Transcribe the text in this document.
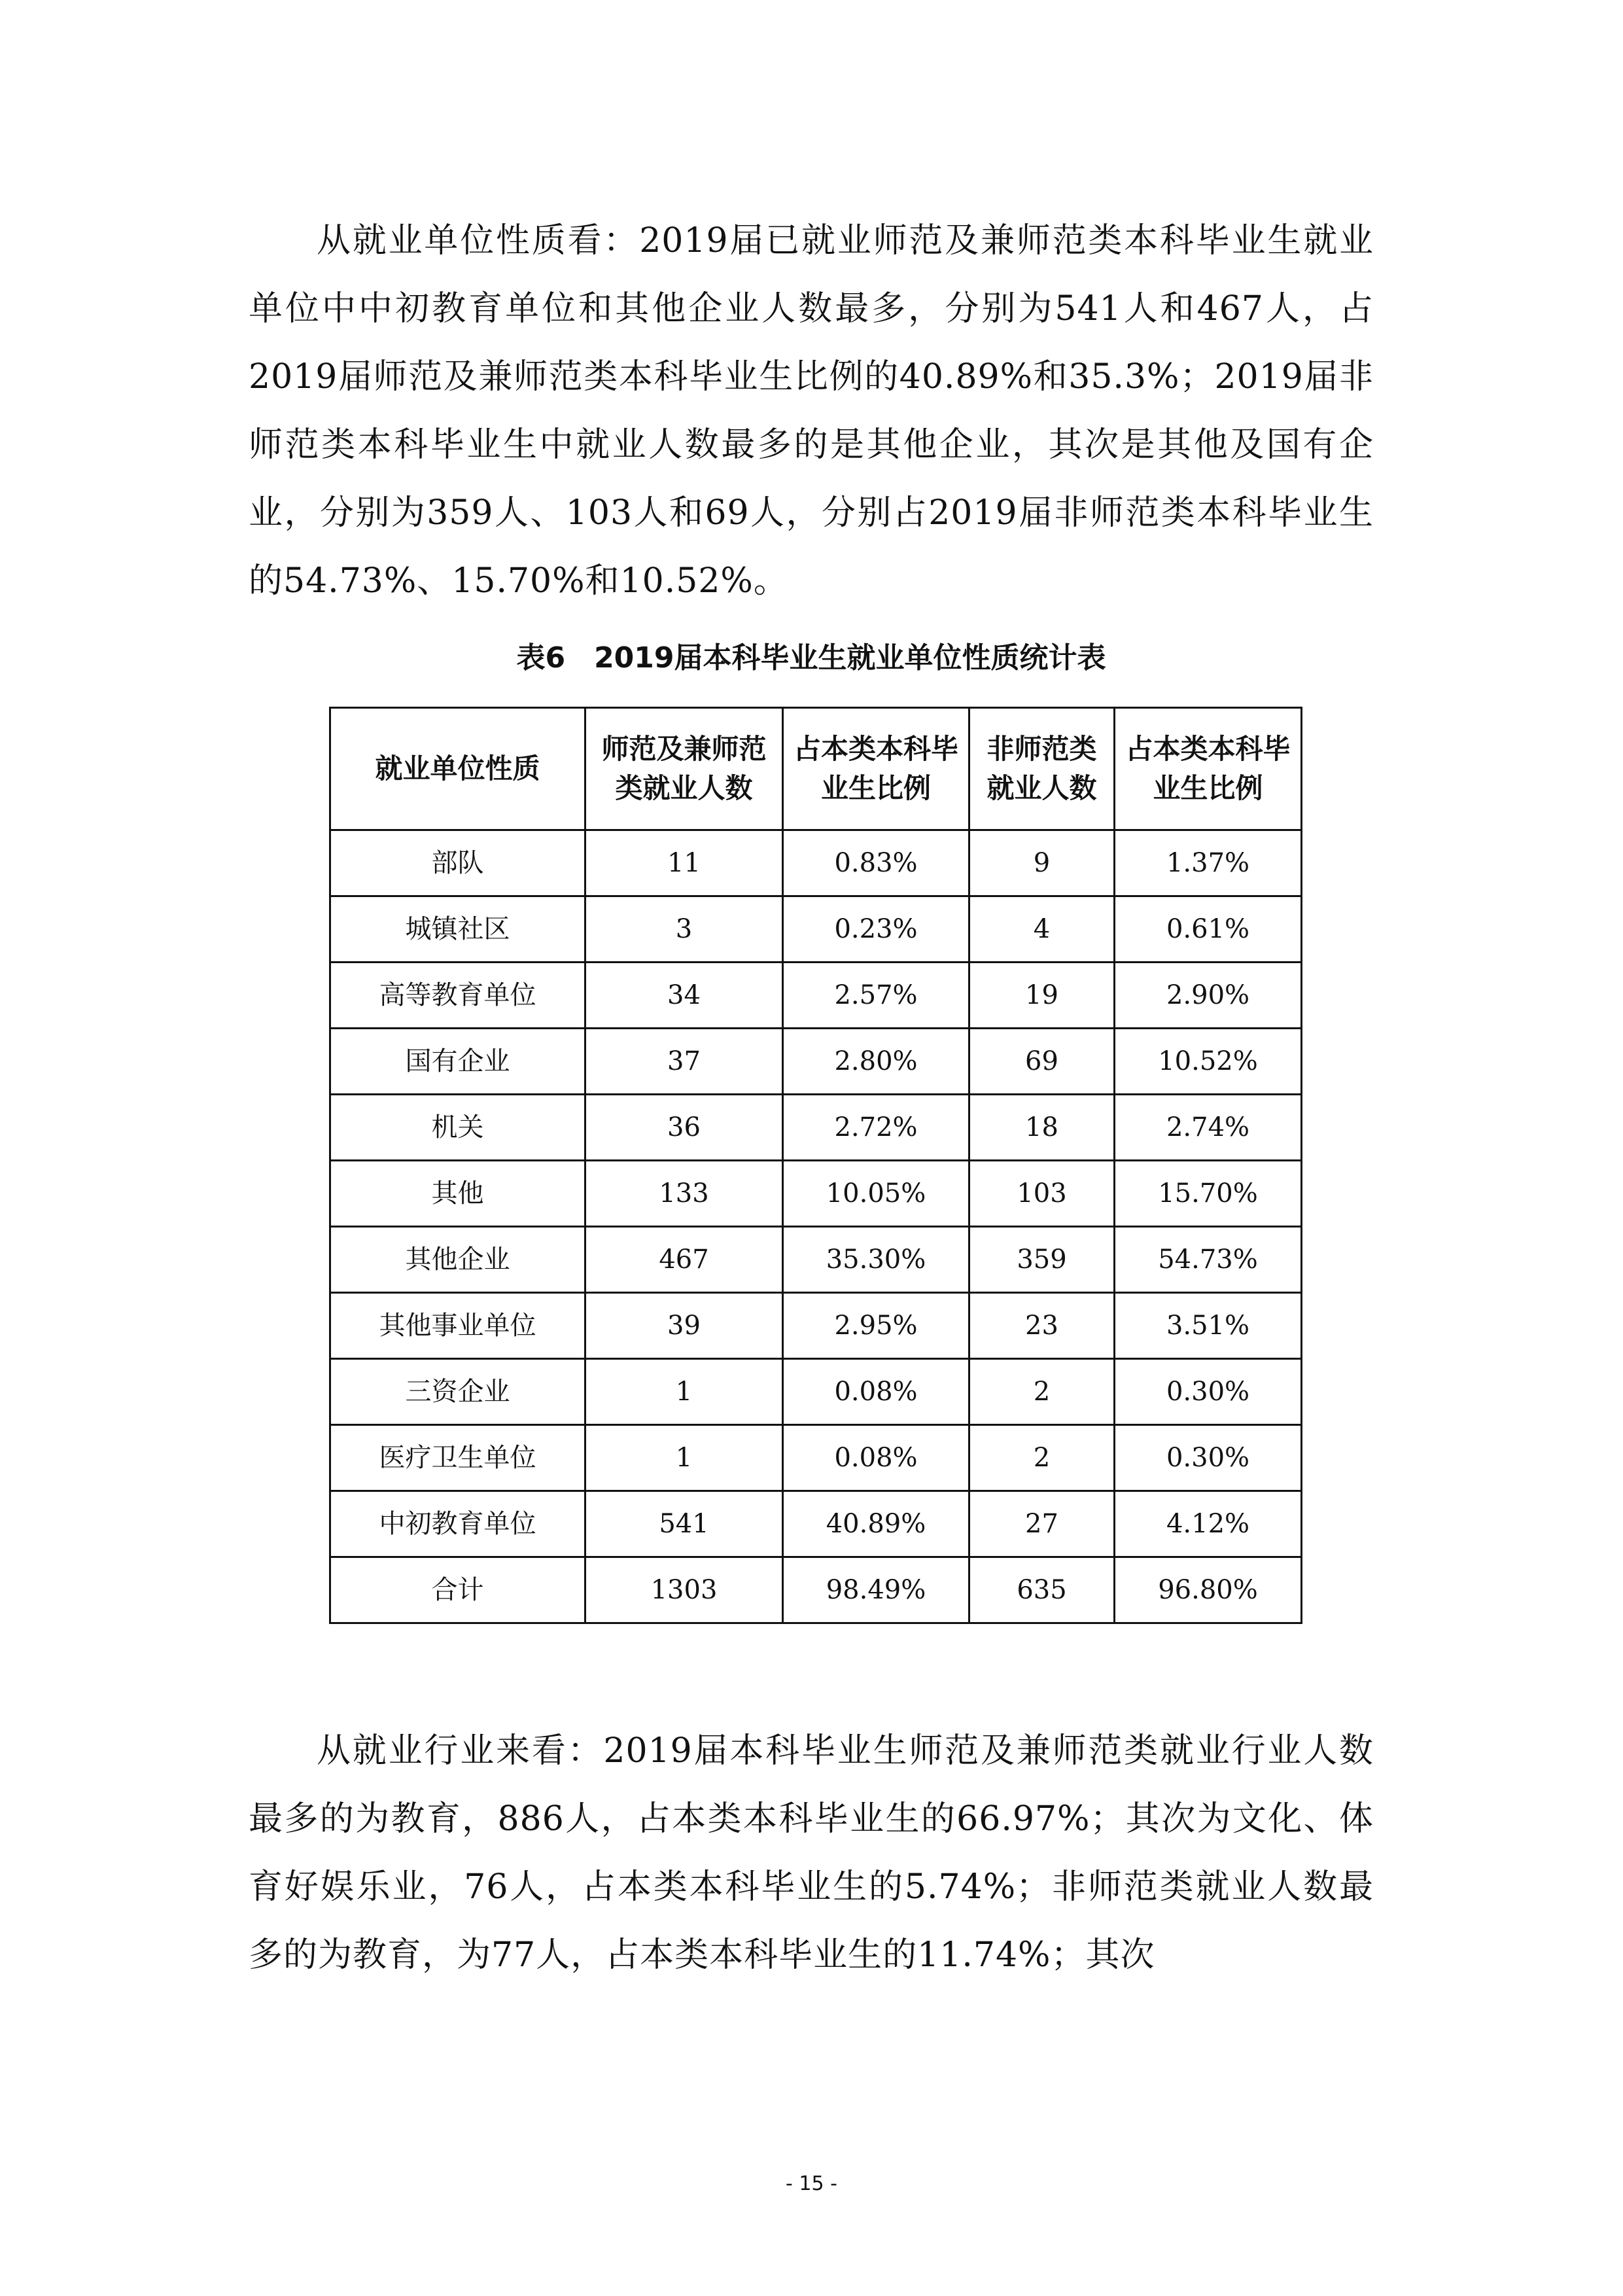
从就业单位性质看：2019届已就业师范及兼师范类本科毕业生就业单位中中初教育单位和其他企业人数最多，分别为541人和467人，占2019届师范及兼师范类本科毕业生比例的40.89%和35.3%；2019届非师范类本科毕业生中就业人数最多的是其他企业，其次是其他及国有企业，分别为359人、103人和69人，分别占2019届非师范类本科毕业生的54.73%、15.70%和10.52%。

表6　2019届本科毕业生就业单位性质统计表
就业单位性质	师范及兼师范类就业人数	占本类本科毕业生比例	非师范类就业人数	占本类本科毕业生比例
部队	11	0.83%	9	1.37%
城镇社区	3	0.23%	4	0.61%
高等教育单位	34	2.57%	19	2.90%
国有企业	37	2.80%	69	10.52%
机关	36	2.72%	18	2.74%
其他	133	10.05%	103	15.70%
其他企业	467	35.30%	359	54.73%
其他事业单位	39	2.95%	23	3.51%
三资企业	1	0.08%	2	0.30%
医疗卫生单位	1	0.08%	2	0.30%
中初教育单位	541	40.89%	27	4.12%
合计	1303	98.49%	635	96.80%

从就业行业来看：2019届本科毕业生师范及兼师范类就业行业人数最多的为教育，886人，占本类本科毕业生的66.97%；其次为文化、体育好娱乐业，76人，占本类本科毕业生的5.74%；非师范类就业人数最多的为教育，为77人，占本类本科毕业生的11.74%；其次

- 15 -
